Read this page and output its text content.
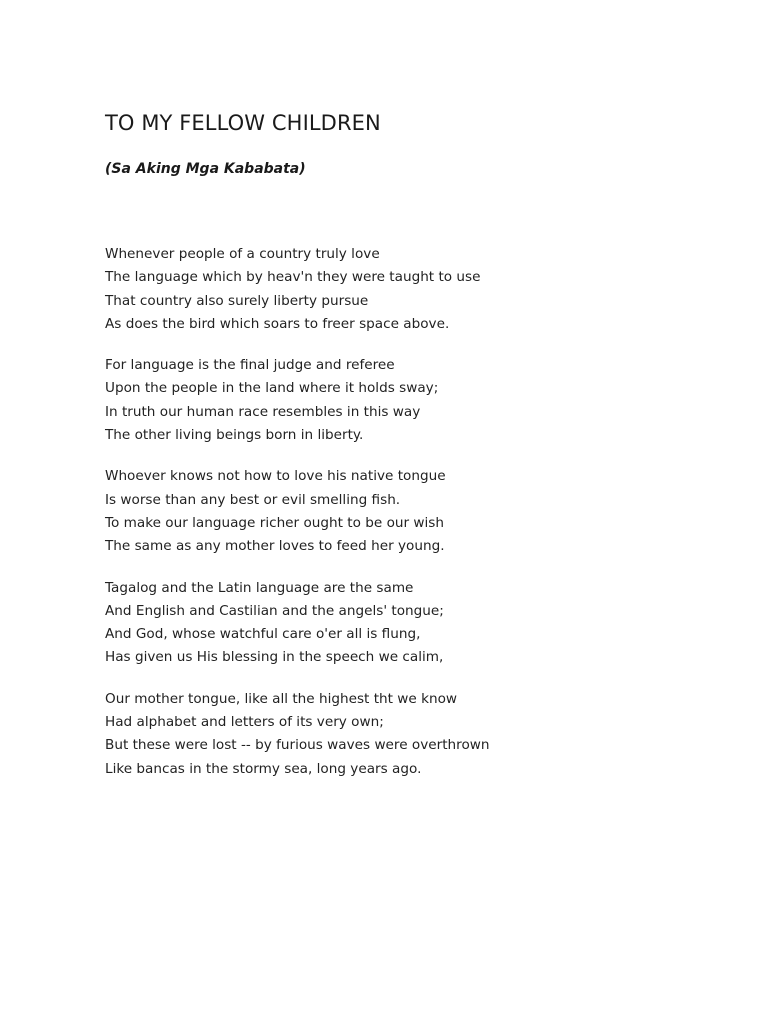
TO MY FELLOW CHILDREN

(Sa Aking Mga Kababata)

Whenever people of a country truly love
The language which by heav'n they were taught to use
That country also surely liberty pursue
As does the bird which soars to freer space above.
For language is the final judge and referee
Upon the people in the land where it holds sway;
In truth our human race resembles in this way
The other living beings born in liberty.
Whoever knows not how to love his native tongue
Is worse than any best or evil smelling fish.
To make our language richer ought to be our wish
The same as any mother loves to feed her young.
Tagalog and the Latin language are the same
And English and Castilian and the angels' tongue;
And God, whose watchful care o'er all is flung,
Has given us His blessing in the speech we calim,
Our mother tongue, like all the highest tht we know
Had alphabet and letters of its very own;
But these were lost -- by furious waves were overthrown
Like bancas in the stormy sea, long years ago.
